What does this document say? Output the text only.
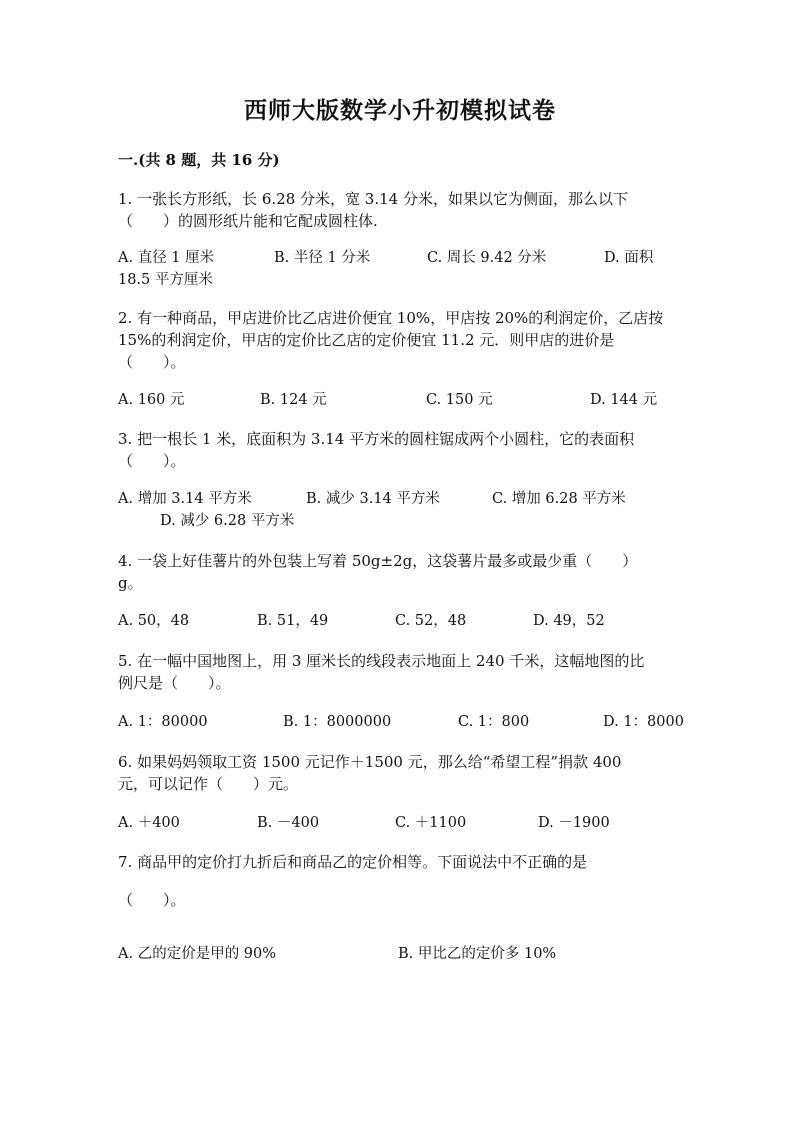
西师大版数学小升初模拟试卷
一.(共 8 题，共 16 分)

1. 一张长方形纸，长 6.28 分米，宽 3.14 分米，如果以它为侧面，那么以下

（　　）的圆形纸片能和它配成圆柱体.

A. 直径 1 厘米	B. 半径 1 分米	C. 周长 9.42 分米	D. 面积
18.5 平方厘米

2. 有一种商品，甲店进价比乙店进价便宜 10%，甲店按 20%的利润定价，乙店按

15%的利润定价，甲店的定价比乙店的定价便宜 11.2 元．则甲店的进价是

（　　）。

A. 160 元	B. 124 元	C. 150 元	D. 144 元

3. 把一根长 1 米，底面积为 3.14 平方米的圆柱锯成两个小圆柱，它的表面积

（　　）。

A. 增加 3.14 平方米	B. 减少 3.14 平方米	C. 增加 6.28 平方米
D. 减少 6.28 平方米

4. 一袋上好佳薯片的外包装上写着 50g±2g，这袋薯片最多或最少重（　　）

g。

A. 50，48	B. 51，49	C. 52，48	D. 49，52

5. 在一幅中国地图上，用 3 厘米长的线段表示地面上 240 千米，这幅地图的比

例尺是（　　）。

A. 1：80000	B. 1：8000000	C. 1：800	D. 1：8000

6. 如果妈妈领取工资 1500 元记作＋1500 元，那么给“希望工程”捐款 400

元，可以记作（　　）元。

A. ＋400	B. －400	C. ＋1100	D. －1900

7. 商品甲的定价打九折后和商品乙的定价相等。下面说法中不正确的是

（　　）。

A. 乙的定价是甲的 90%	B. 甲比乙的定价多 10%
